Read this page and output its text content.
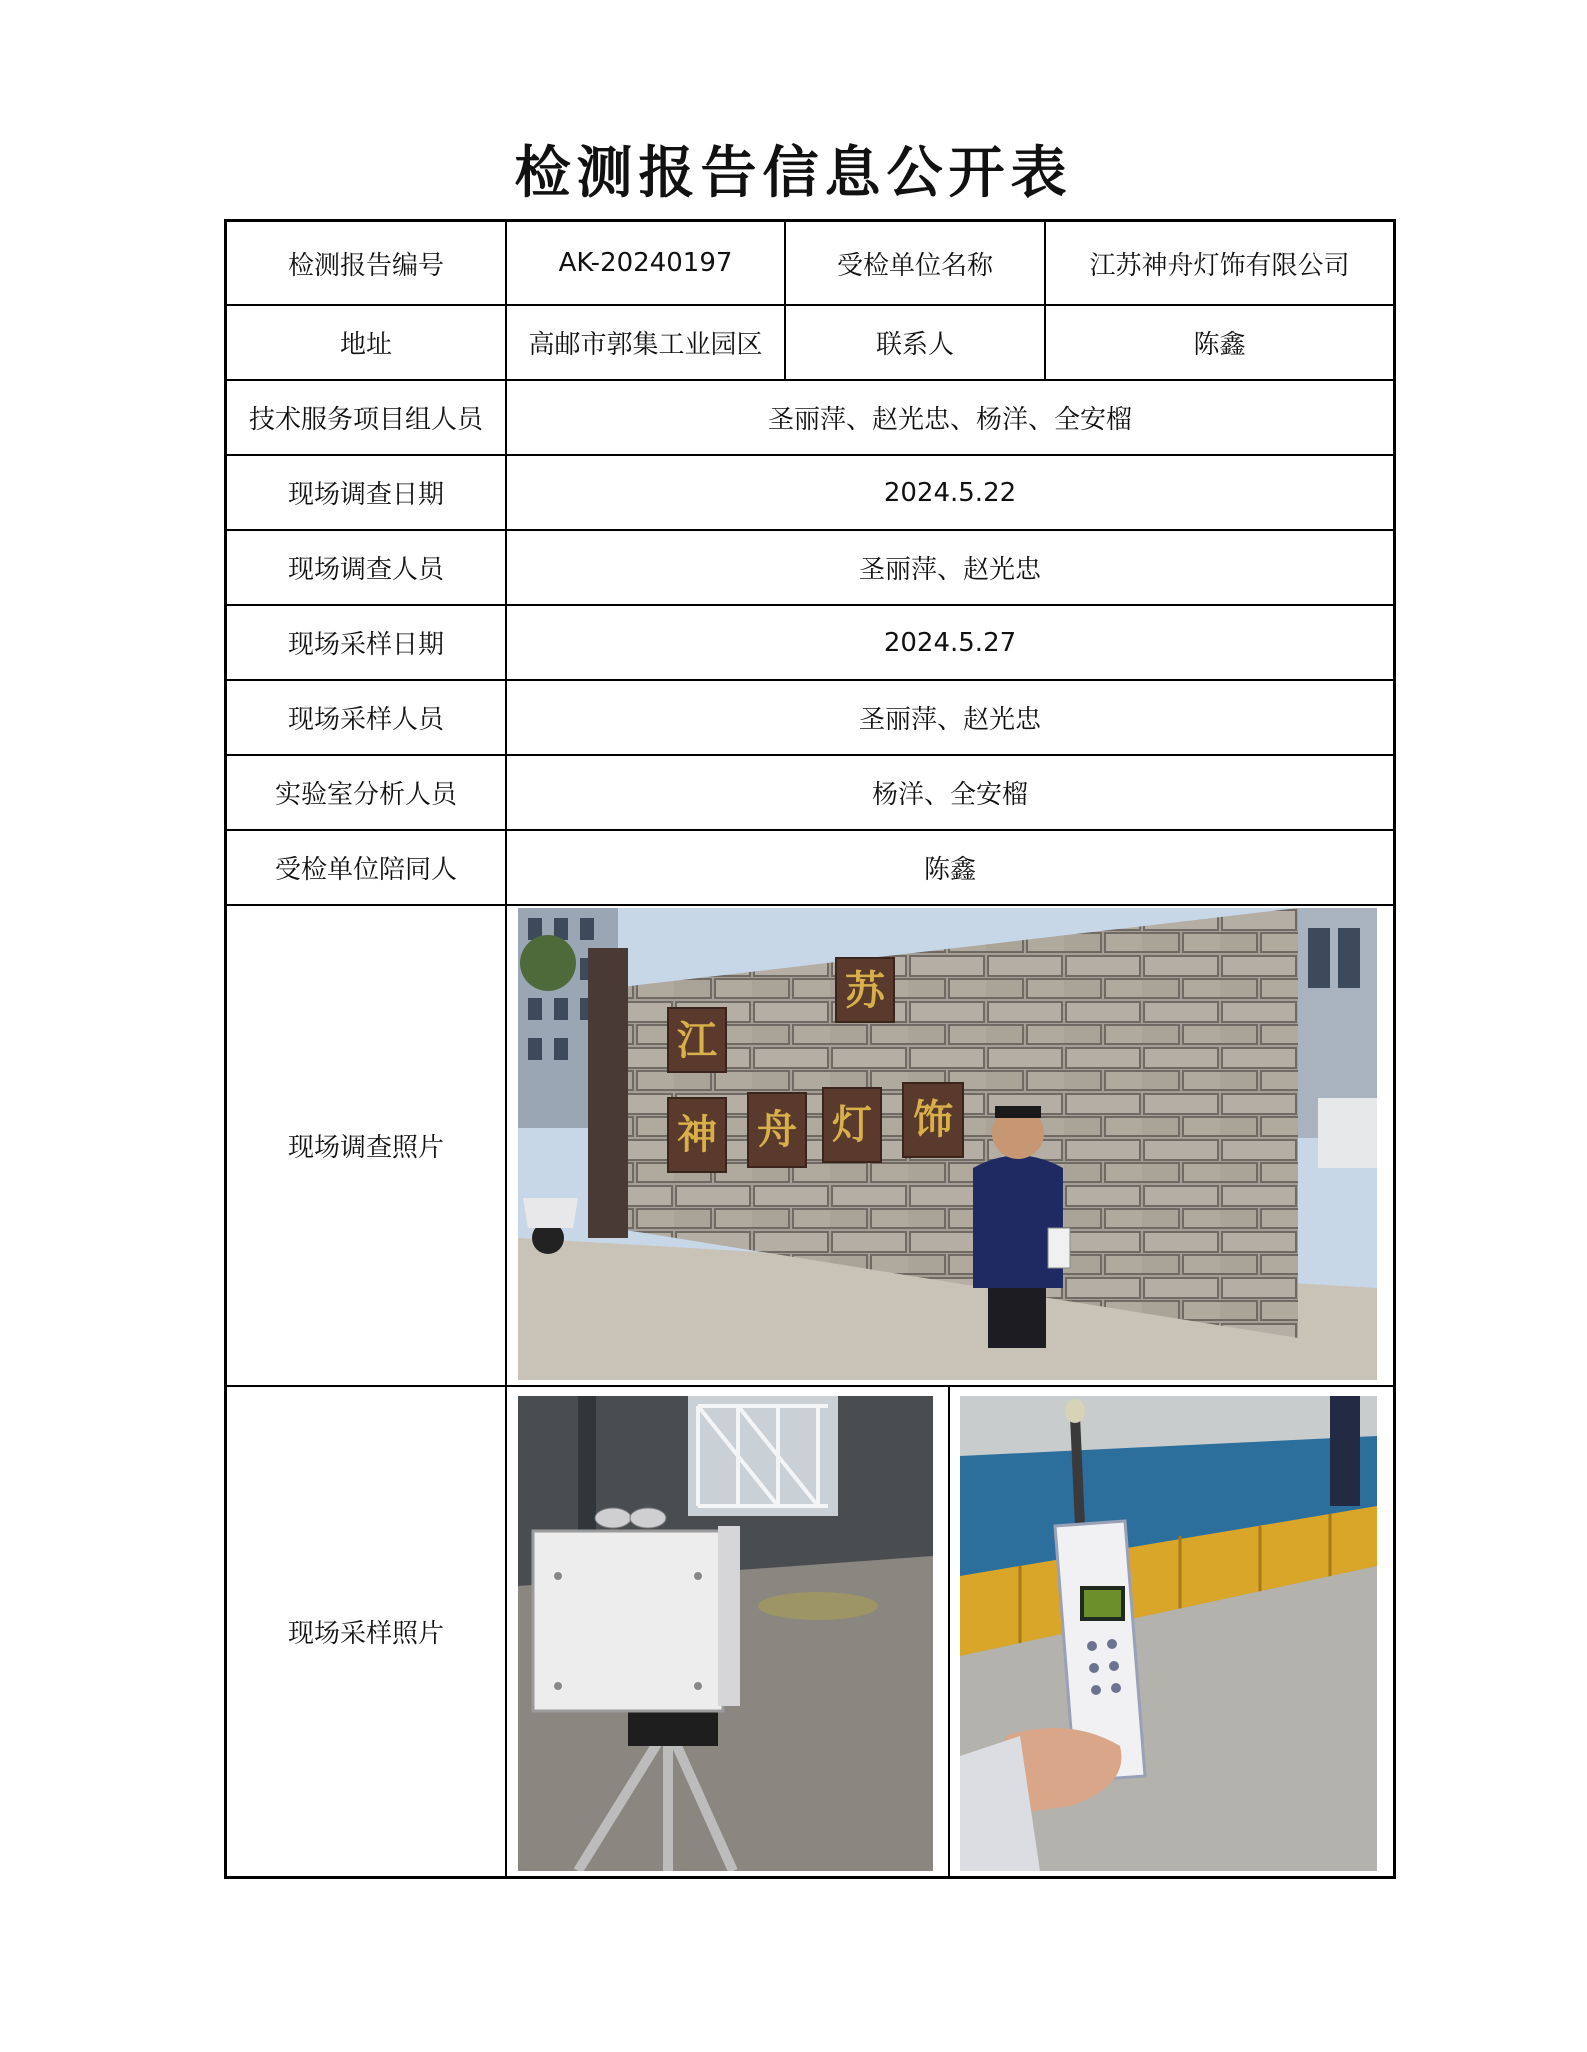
检测报告信息公开表
检测报告编号	AK-20240197	受检单位名称	江苏神舟灯饰有限公司
地址	高邮市郭集工业园区	联系人	陈鑫
技术服务项目组人员	圣丽萍、赵光忠、杨洋、全安榴
现场调查日期	2024.5.22
现场调查人员	圣丽萍、赵光忠
现场采样日期	2024.5.27
现场采样人员	圣丽萍、赵光忠
实验室分析人员	杨洋、全安榴
受检单位陪同人	陈鑫
现场调查照片
现场采样照片
江
苏
神 舟 灯 饰
